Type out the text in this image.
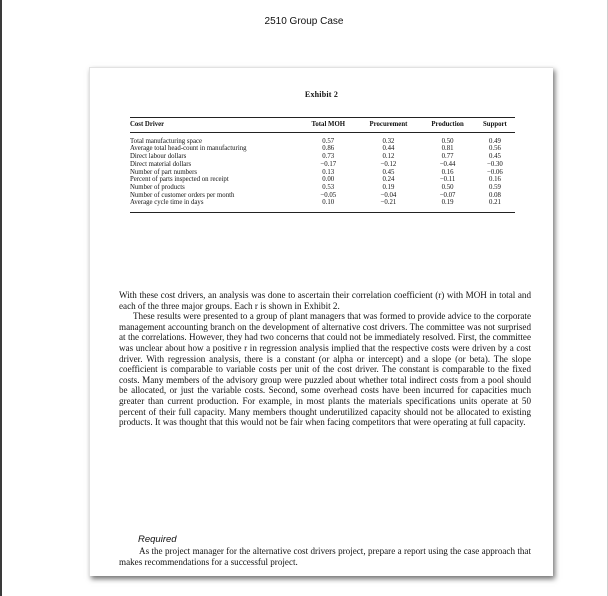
2510 Group Case
Exhibit 2
Cost Driver	Total MOH	Procurement	Production	Support
Total manufacturing space	0.57	0.32	0.50	0.49
Average total head-count in manufacturing	0.86	0.44	0.81	0.56
Direct labour dollars	0.73	0.12	0.77	0.45
Direct material dollars	−0.17	−0.12	−0.44	−0.30
Number of part numbers	0.13	0.45	0.16	−0.06
Percent of parts inspected on receipt	0.00	0.24	−0.11	0.16
Number of products	0.53	0.19	0.50	0.59
Number of customer orders per month	−0.05	−0.04	−0.07	0.08
Average cycle time in days	0.10	−0.21	0.19	0.21

With these cost drivers, an analysis was done to ascertain their correlation coefficient (r) with MOH in total and each of the three major groups. Each r is shown in Exhibit 2.

These results were presented to a group of plant managers that was formed to provide advice to the corporate management accounting branch on the development of alternative cost drivers. The committee was not surprised at the correlations. However, they had two concerns that could not be immediately resolved. First, the committee was unclear about how a positive r in regression analysis implied that the respective costs were driven by a cost driver. With regression analysis, there is a constant (or alpha or intercept) and a slope (or beta). The slope coefficient is comparable to variable costs per unit of the cost driver. The constant is comparable to the fixed costs. Many members of the advisory group were puzzled about whether total indirect costs from a pool should be allocated, or just the variable costs. Second, some overhead costs have been incurred for capacities much greater than current production. For example, in most plants the materials specifications units operate at 50 percent of their full capacity. Many members thought underutilized capacity should not be allocated to existing products. It was thought that this would not be fair when facing competitors that were operating at full capacity.

Required
As the project manager for the alternative cost drivers project, prepare a report using the case approach that makes recommendations for a successful project.
